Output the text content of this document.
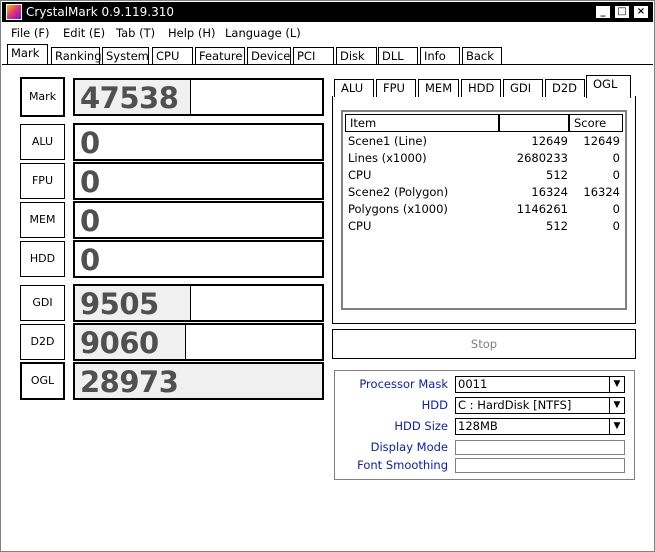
CrystalMark 0.9.119.310	_	□	×
File (F) Edit (E) Tab (T) Help (H) Language (L)
Mark	Ranking System CPU	Feature Device PCI	Disk	DLL	Info	Back
Mark 47538
ALU 0
FPU 0
MEM 0
HDD 0
GDI 9505
D2D 9060
OGL 28973
ALU	FPU	MEM	HDD	GDI	D2D	OGL
Item	Score
Scene1 (Line)	12649 12649
Lines (x1000)	2680233	0
CPU	512	0
Scene2 (Polygon)	16324 16324
Polygons (x1000)	1146261	0
CPU	512	0
Stop
Processor Mask 0011	▼
HDD C : HardDisk [NTFS]	▼
HDD Size 128MB	▼
Display Mode
Font Smoothing
